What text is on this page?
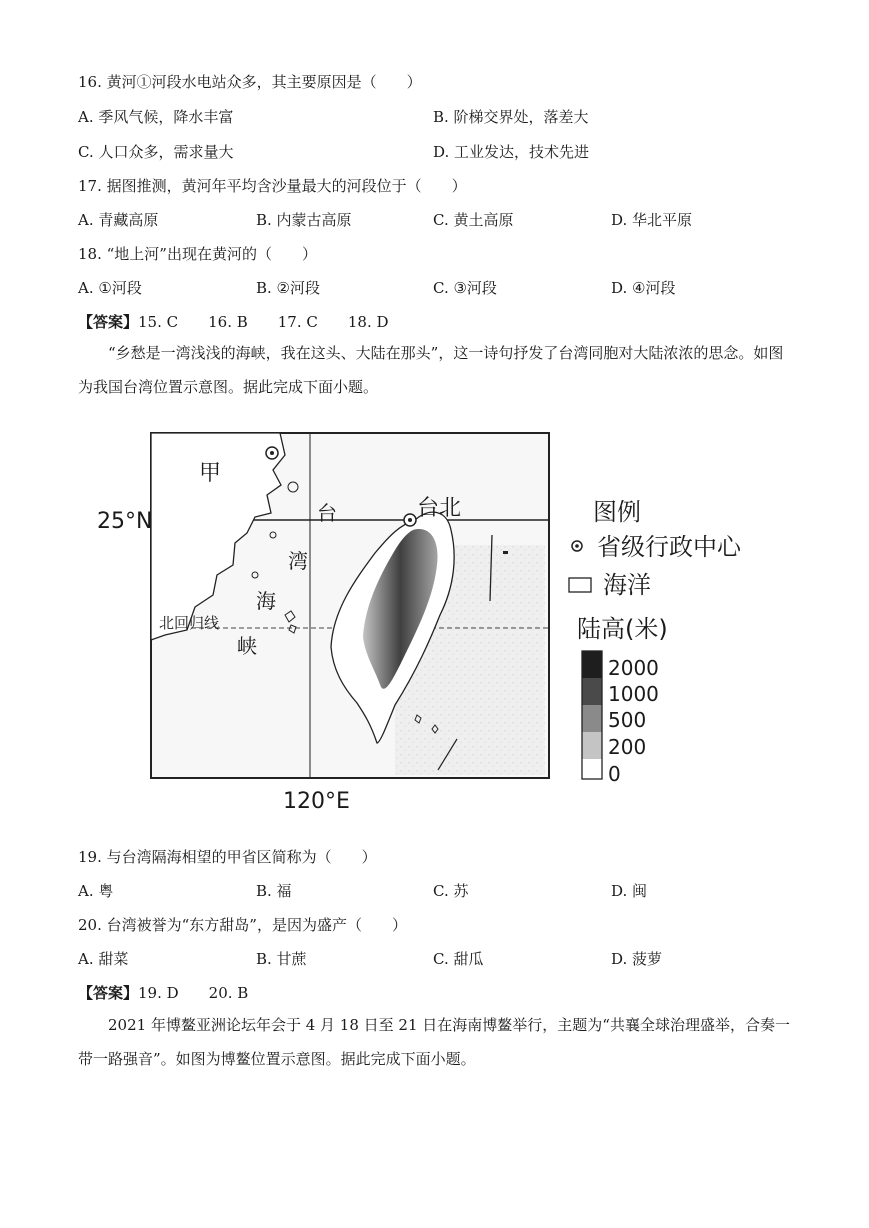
16. 黄河①河段水电站众多，其主要原因是（　　）
A. 季风气候，降水丰富	B. 阶梯交界处，落差大
C. 人口众多，需求量大	D. 工业发达，技术先进
17. 据图推测，黄河年平均含沙量最大的河段位于（　　）
A. 青藏高原	B. 内蒙古高原	C. 黄土高原	D. 华北平原
18. “地上河”出现在黄河的（　　）
A. ①河段	B. ②河段	C. ③河段	D. ④河段
【答案】15. C　　16. B　　17. C　　18. D
“乡愁是一湾浅浅的海峡，我在这头、大陆在那头”，这一诗句抒发了台湾同胞对大陆浓浓的思念。如图为我国台湾位置示意图。据此完成下面小题。
甲
台	台北
湾
海
峡
北回归线
25°N
120°E
图例
省级行政中心
海洋
陆高(米)
2000
1000
500
200
0
19. 与台湾隔海相望的甲省区简称为（　　）
A. 粤	B. 福	C. 苏	D. 闽
20. 台湾被誉为“东方甜岛”，是因为盛产（　　）
A. 甜菜	B. 甘蔗	C. 甜瓜	D. 菠萝
【答案】19. D　　20. B
2021 年博鳌亚洲论坛年会于 4 月 18 日至 21 日在海南博鳌举行，主题为“共襄全球治理盛举，合奏一带一路强音”。如图为博鳌位置示意图。据此完成下面小题。
